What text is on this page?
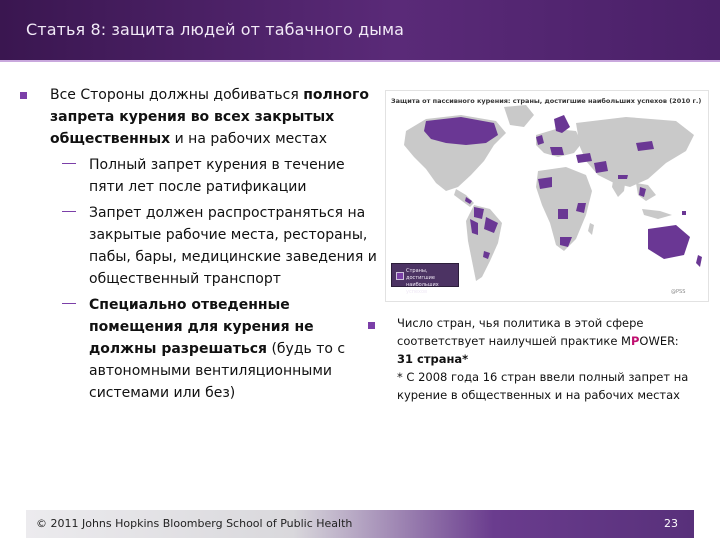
Статья 8: защита людей от табачного дыма
Все Стороны должны добиваться полного запрета курения во всех закрытых общественных и на рабочих местах
Полный запрет курения в течение пяти лет после ратификации
Запрет должен распространяться на закрытые рабочие места, рестораны, пабы, бары, медицинские заведения и общественный транспорт
Специально отведенные помещения для курения не должны разрешаться (будь то с автономными вентиляционными системами или без)
Защита от пассивного курения: страны, достигшие наибольших успехов (2010 г.)
Страны, достигшие наибольших успехов	@PSS
Число стран, чья политика в этой сфере соответствует наилучшей практике MPOWER:
31 страна*
* С 2008 года 16 стран ввели полный запрет на курение в общественных и на рабочих местах
© 2011 Johns Hopkins Bloomberg School of Public Health	23
